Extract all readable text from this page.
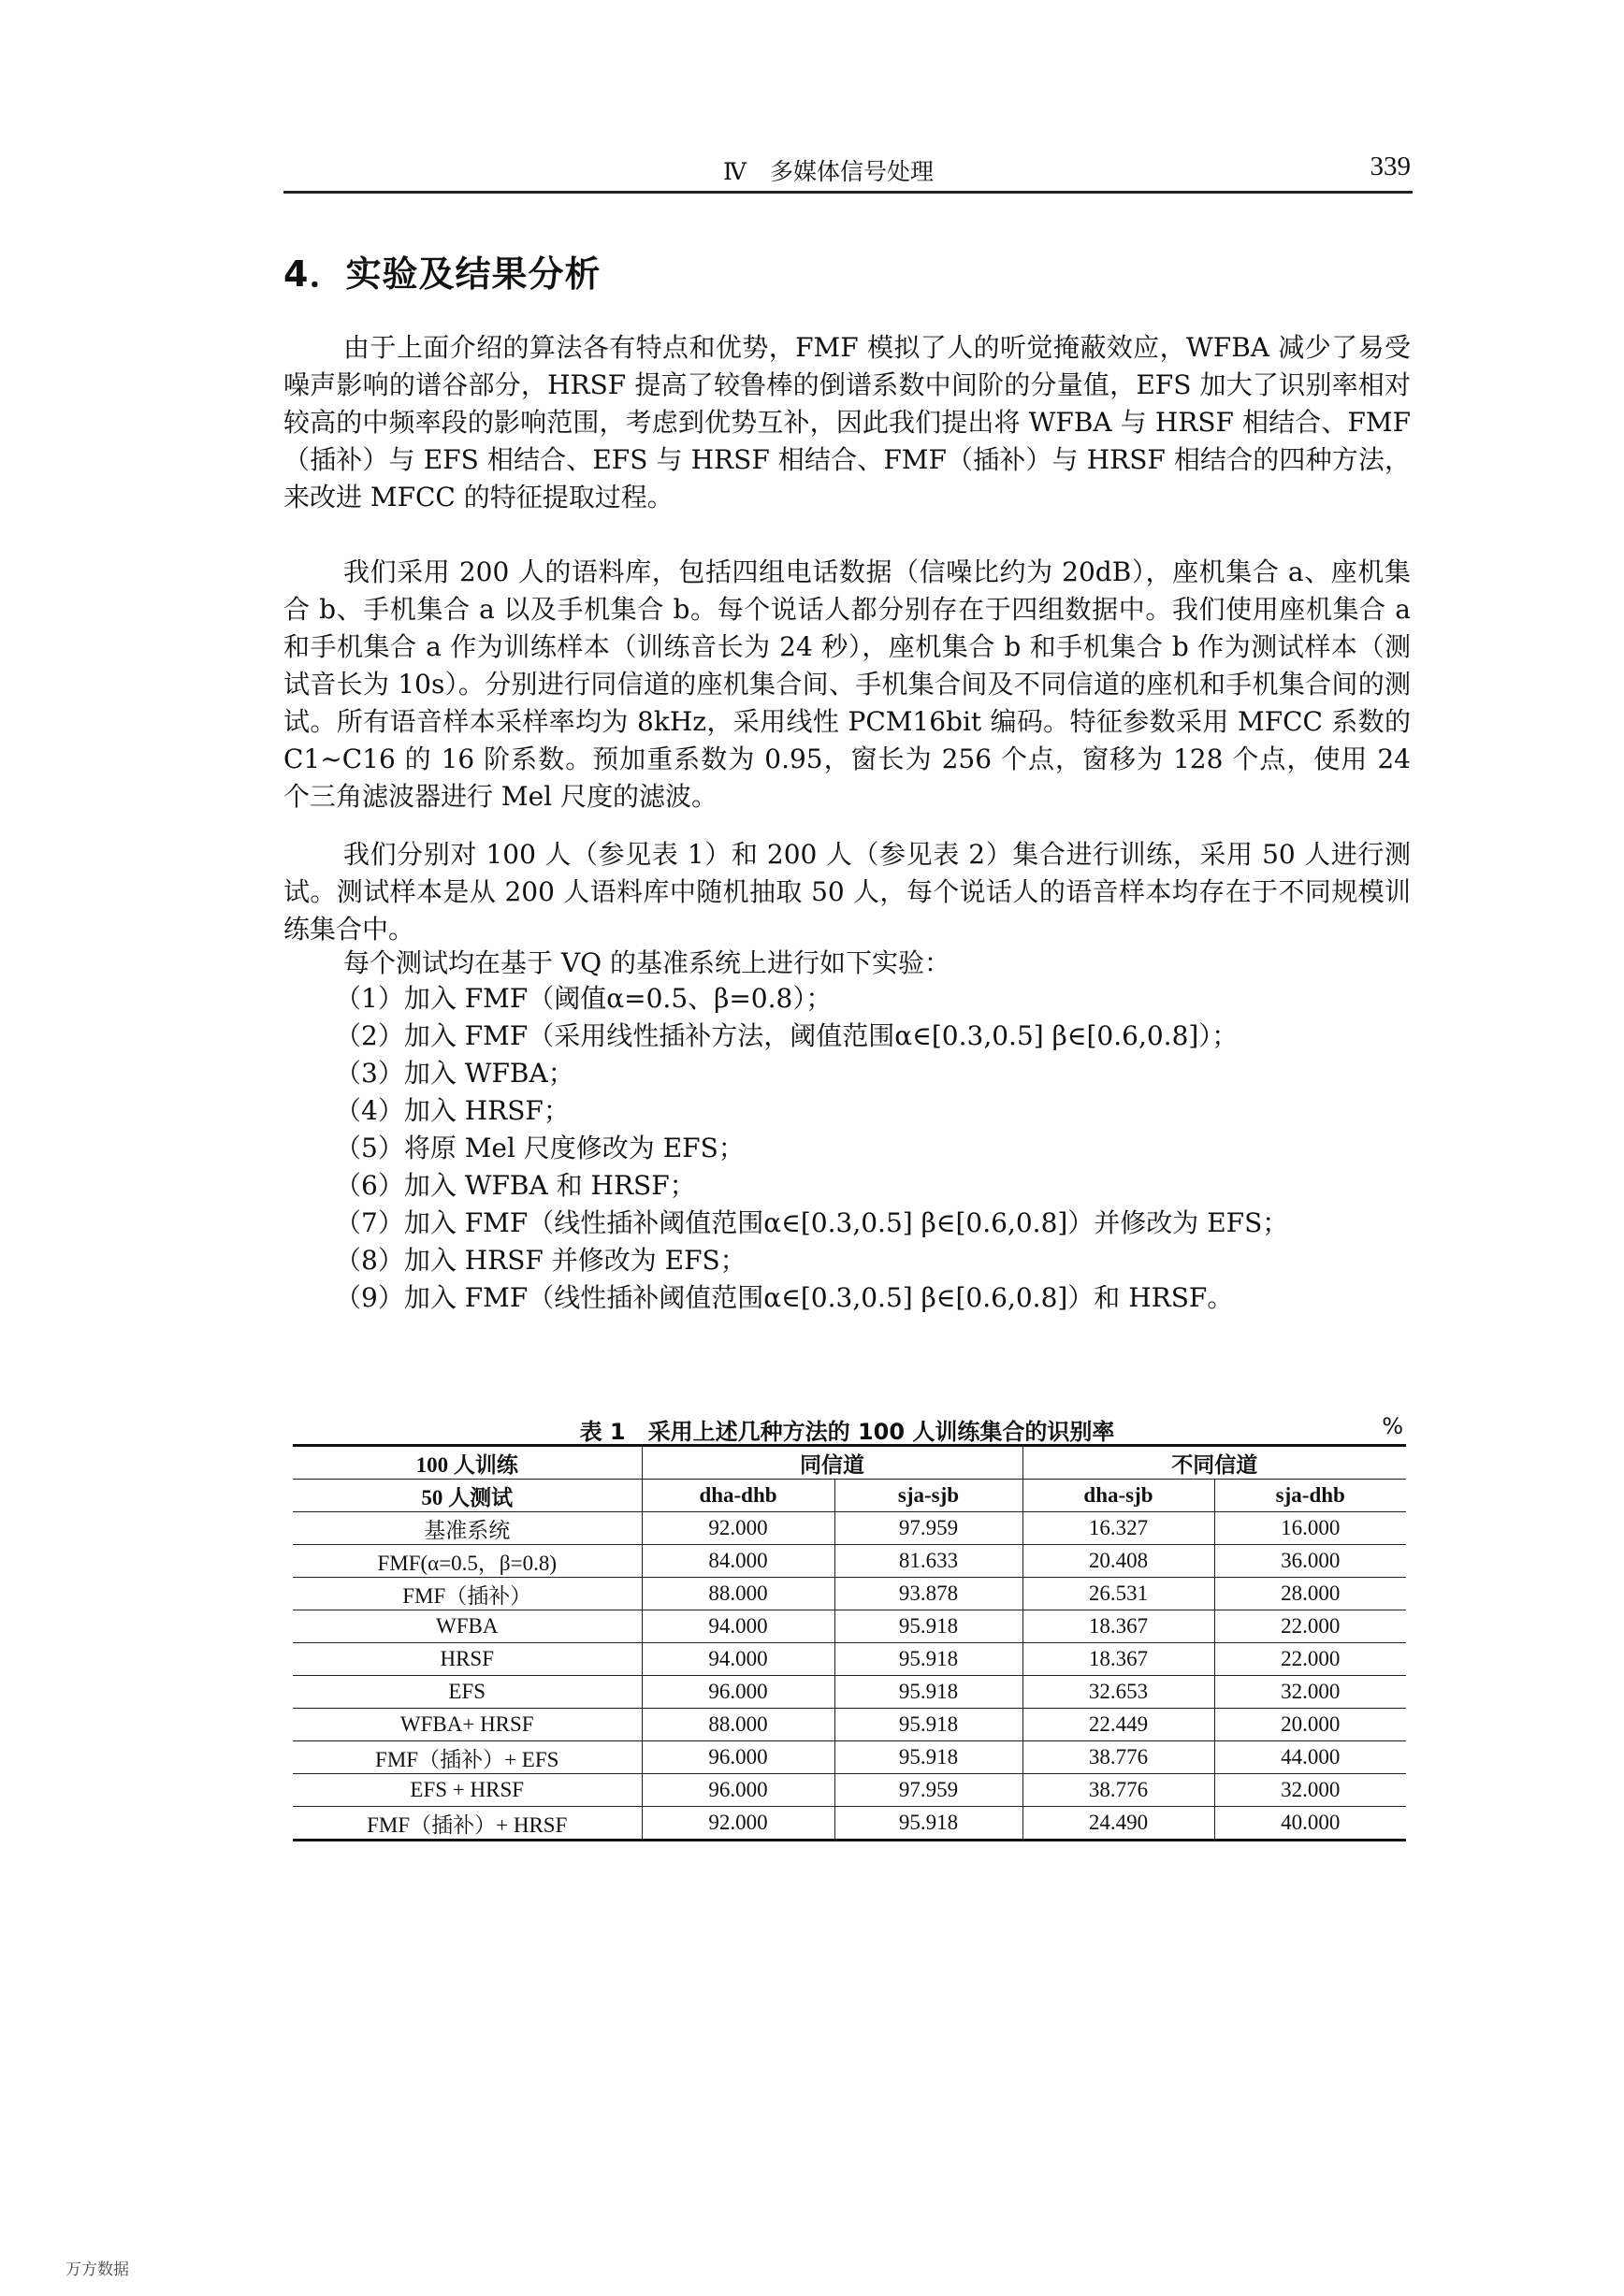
Ⅳ　多媒体信号处理	339
4．实验及结果分析

由于上面介绍的算法各有特点和优势，FMF 模拟了人的听觉掩蔽效应，WFBA 减少了易受噪声影响的谱谷部分，HRSF 提高了较鲁棒的倒谱系数中间阶的分量值，EFS 加大了识别率相对较高的中频率段的影响范围，考虑到优势互补，因此我们提出将 WFBA 与 HRSF 相结合、FMF（插补）与 EFS 相结合、EFS 与 HRSF 相结合、FMF（插补）与 HRSF 相结合的四种方法，来改进 MFCC 的特征提取过程。

我们采用 200 人的语料库，包括四组电话数据（信噪比约为 20dB），座机集合 a、座机集合 b、手机集合 a 以及手机集合 b。每个说话人都分别存在于四组数据中。我们使用座机集合 a 和手机集合 a 作为训练样本（训练音长为 24 秒），座机集合 b 和手机集合 b 作为测试样本（测试音长为 10s）。分别进行同信道的座机集合间、手机集合间及不同信道的座机和手机集合间的测试。所有语音样本采样率均为 8kHz，采用线性 PCM16bit 编码。特征参数采用 MFCC 系数的 C1~C16 的 16 阶系数。预加重系数为 0.95，窗长为 256 个点，窗移为 128 个点，使用 24 个三角滤波器进行 Mel 尺度的滤波。

我们分别对 100 人（参见表 1）和 200 人（参见表 2）集合进行训练，采用 50 人进行测试。测试样本是从 200 人语料库中随机抽取 50 人，每个说话人的语音样本均存在于不同规模训练集合中。

每个测试均在基于 VQ 的基准系统上进行如下实验：

（1）加入 FMF（阈值α=0.5、β=0.8）；
（2）加入 FMF（采用线性插补方法，阈值范围α∈[0.3,0.5] β∈[0.6,0.8]）；
（3）加入 WFBA；
（4）加入 HRSF；
（5）将原 Mel 尺度修改为 EFS；
（6）加入 WFBA 和 HRSF；
（7）加入 FMF（线性插补阈值范围α∈[0.3,0.5] β∈[0.6,0.8]）并修改为 EFS；
（8）加入 HRSF 并修改为 EFS；
（9）加入 FMF（线性插补阈值范围α∈[0.3,0.5] β∈[0.6,0.8]）和 HRSF。
表 1　采用上述几种方法的 100 人训练集合的识别率	%
100 人训练	同信道		不同信道	
50 人测试	dha-dhb	sja-sjb	dha-sjb	sja-dhb
基准系统	92.000	97.959	16.327	16.000
FMF(α=0.5，β=0.8)	84.000	81.633	20.408	36.000
FMF（插补）	88.000	93.878	26.531	28.000
WFBA	94.000	95.918	18.367	22.000
HRSF	94.000	95.918	18.367	22.000
EFS	96.000	95.918	32.653	32.000
WFBA+ HRSF	88.000	95.918	22.449	20.000
FMF（插补）+ EFS	96.000	95.918	38.776	44.000
EFS + HRSF	96.000	97.959	38.776	32.000
FMF（插补）+ HRSF	92.000	95.918	24.490	40.000
万方数据
